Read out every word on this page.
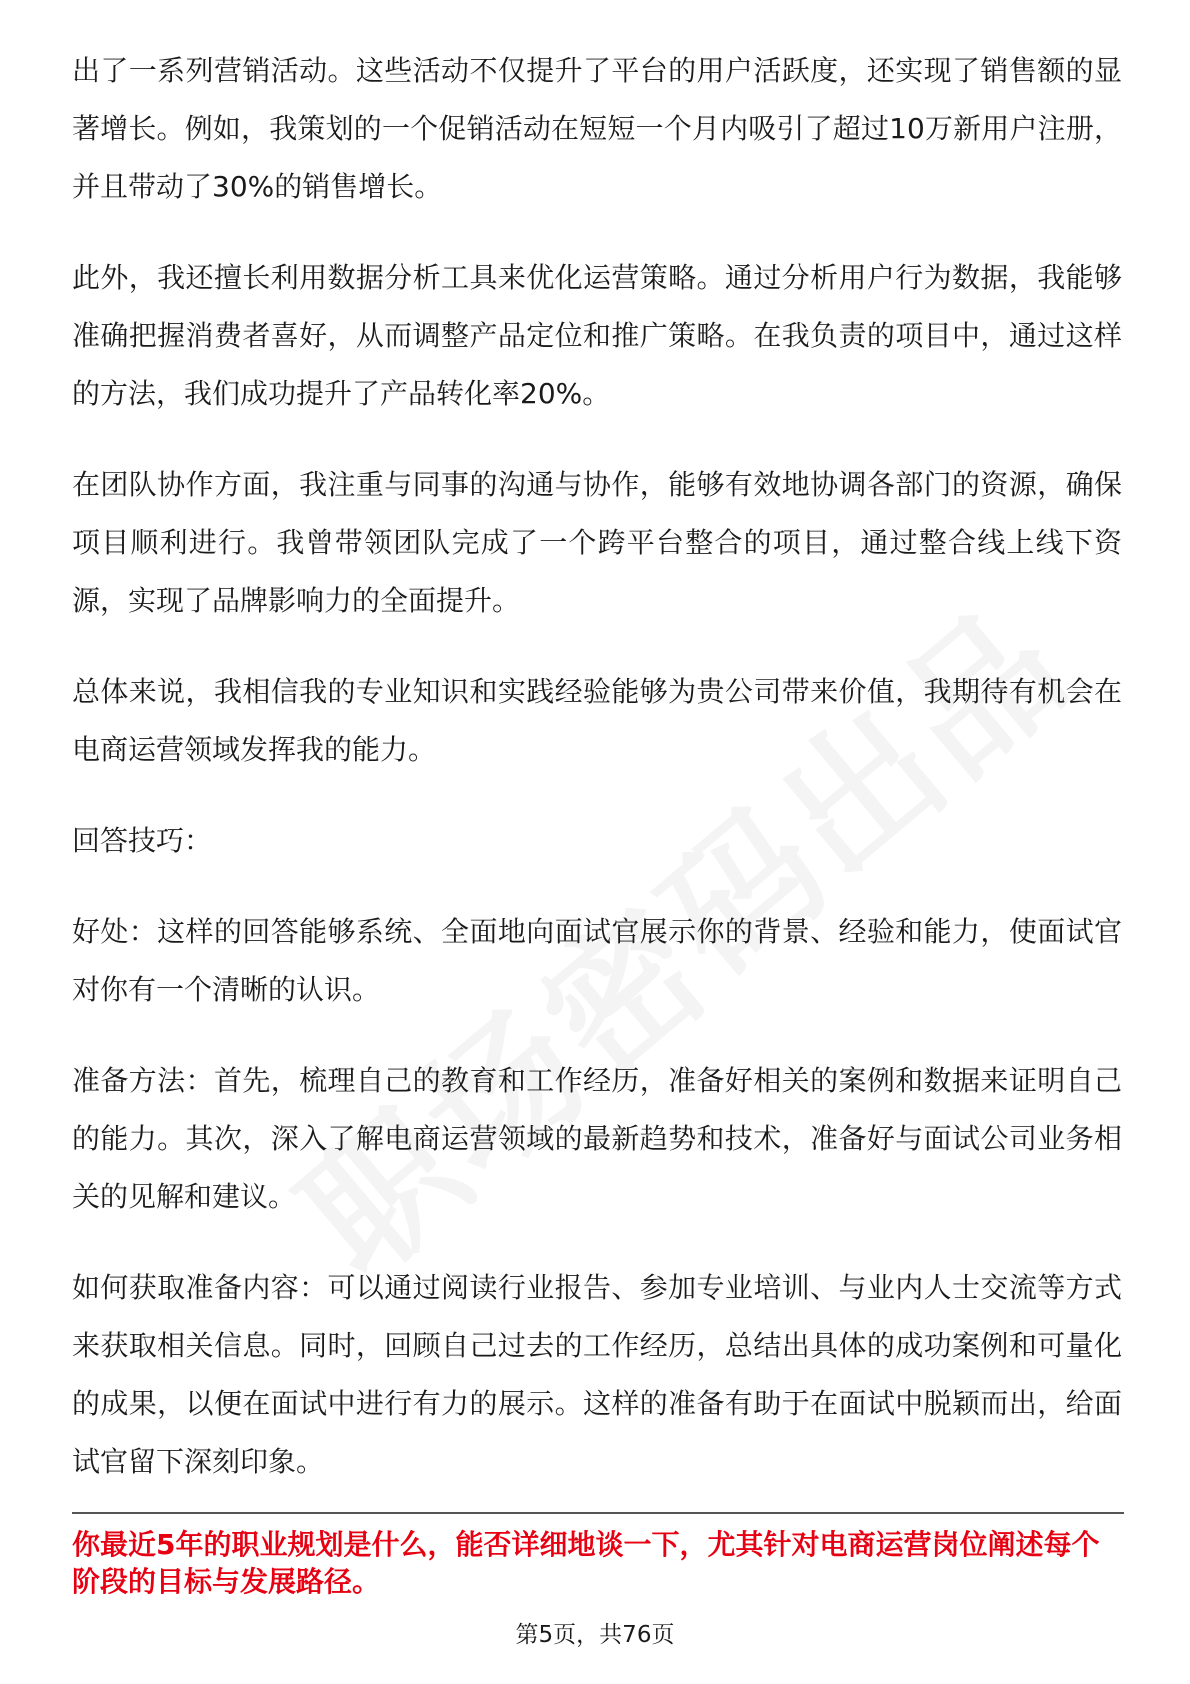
出了一系列营销活动。这些活动不仅提升了平台的用户活跃度，还实现了销售额的显著增长。例如，我策划的一个促销活动在短短一个月内吸引了超过10万新用户注册，并且带动了30%的销售增长。

此外，我还擅长利用数据分析工具来优化运营策略。通过分析用户行为数据，我能够准确把握消费者喜好，从而调整产品定位和推广策略。在我负责的项目中，通过这样的方法，我们成功提升了产品转化率20%。

在团队协作方面，我注重与同事的沟通与协作，能够有效地协调各部门的资源，确保项目顺利进行。我曾带领团队完成了一个跨平台整合的项目，通过整合线上线下资源，实现了品牌影响力的全面提升。

总体来说，我相信我的专业知识和实践经验能够为贵公司带来价值，我期待有机会在电商运营领域发挥我的能力。

回答技巧：

好处：这样的回答能够系统、全面地向面试官展示你的背景、经验和能力，使面试官对你有一个清晰的认识。

准备方法：首先，梳理自己的教育和工作经历，准备好相关的案例和数据来证明自己的能力。其次，深入了解电商运营领域的最新趋势和技术，准备好与面试公司业务相关的见解和建议。

如何获取准备内容：可以通过阅读行业报告、参加专业培训、与业内人士交流等方式来获取相关信息。同时，回顾自己过去的工作经历，总结出具体的成功案例和可量化的成果，以便在面试中进行有力的展示。这样的准备有助于在面试中脱颖而出，给面试官留下深刻印象。

你最近5年的职业规划是什么，能否详细地谈一下，尤其针对电商运营岗位阐述每个阶段的目标与发展路径。
第5页，共76页
